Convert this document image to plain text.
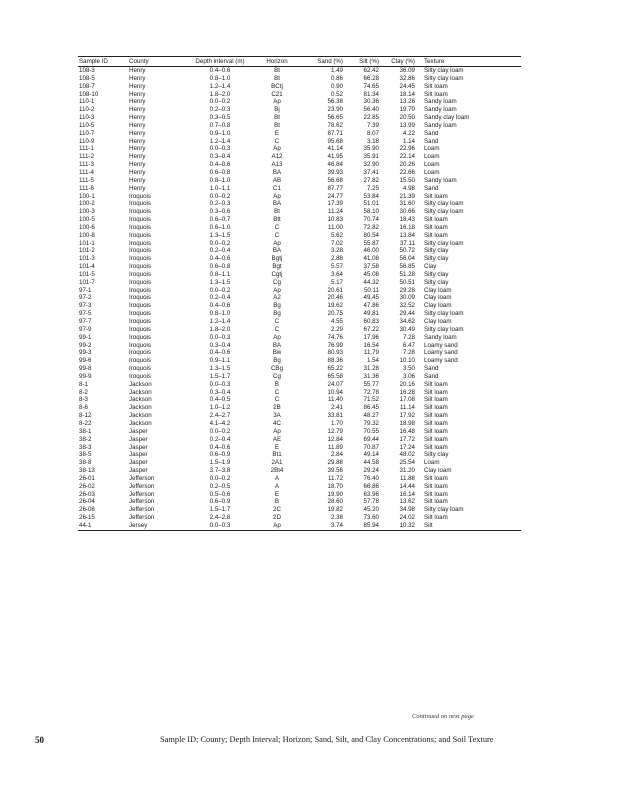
Sample ID	County	Depth interval (m)	Horizon	Sand (%)	Silt (%)	Clay (%)	Texture
108-3	Henry	0.4–0.6	Bt	1.49	62.42	36.09	Silty clay loam
108-5	Henry	0.8–1.0	Bt	0.86	66.28	32.86	Silty clay loam
108-7	Henry	1.2–1.4	BCtj	0.90	74.65	24.45	Silt loam
108-10	Henry	1.8–2.0	C21	0.52	81.34	18.14	Silt loam
110-1	Henry	0.0–0.2	Ap	56.38	30.36	13.26	Sandy loam
110-2	Henry	0.2–0.3	Bj	23.90	56.40	19.70	Sandy loam
110-3	Henry	0.3–0.5	Bt	56.65	22.85	20.50	Sandy clay loam
110-5	Henry	0.7–0.8	Bt	78.62	7.39	13.99	Sandy loam
110-7	Henry	0.9–1.0	E	87.71	8.07	4.22	Sand
110-9	Henry	1.2–1.4	C	95.68	3.18	1.14	Sand
111-1	Henry	0.0–0.3	Ap	41.14	35.90	22.96	Loam
111-2	Henry	0.3–0.4	A12	41.95	35.91	22.14	Loam
111-3	Henry	0.4–0.6	A13	46.84	32.90	20.26	Loam
111-4	Henry	0.6–0.8	BA	39.93	37.41	22.66	Loam
111-5	Henry	0.8–1.0	AB	56.68	27.82	15.50	Sandy loam
111-6	Henry	1.0–1.1	C1	87.77	7.25	4.98	Sand
100-1	Iroquois	0.0–0.2	Ap	24.77	53.84	21.39	Silt loam
100-2	Iroquois	0.2–0.3	BA	17.39	51.01	31.60	Silty clay loam
100-3	Iroquois	0.3–0.6	Bt	11.24	58.10	30.66	Silty clay loam
100-5	Iroquois	0.6–0.7	Btt	10.83	70.74	18.43	Silt loam
100-6	Iroquois	0.6–1.0	C	11.00	72.82	16.18	Silt loam
100-8	Iroquois	1.3–1.5	C	5.62	80.54	13.84	Silt loam
101-1	Iroquois	0.0–0.2	Ap	7.02	55.87	37.11	Silty clay loam
101-2	Iroquois	0.2–0.4	BA	3.28	46.00	50.72	Silty clay
101-3	Iroquois	0.4–0.6	Bgtj	2.88	41.08	56.04	Silty clay
101-4	Iroquois	0.6–0.8	Bgt	5.57	37.58	56.85	Clay
101-5	Iroquois	0.8–1.1	Cgtj	3.64	45.08	51.28	Silty clay
101-7	Iroquois	1.3–1.5	Cg	5.17	44.32	50.51	Silty clay
97-1	Iroquois	0.0–0.2	Ap	20.61	50.11	29.28	Clay loam
97-2	Iroquois	0.2–0.4	A2	20.46	49.45	30.09	Clay loam
97-3	Iroquois	0.4–0.6	Bg	19.62	47.86	32.52	Clay loam
97-5	Iroquois	0.8–1.0	Bg	20.75	49.81	29.44	Silty clay loam
97-7	Iroquois	1.2–1.4	C	4.55	60.83	34.62	Clay loam
97-9	Iroquois	1.8–2.0	C	2.29	67.22	30.49	Silty clay loam
99-1	Iroquois	0.0–0.3	Ap	74.76	17.96	7.28	Sandy loam
99-2	Iroquois	0.3–0.4	BA	76.99	16.54	6.47	Loamy sand
99-3	Iroquois	0.4–0.6	Bw	80.93	11.79	7.28	Loamy sand
99-6	Iroquois	0.9–1.1	Bg	88.36	1.54	10.10	Loamy sand
99-8	Iroquois	1.3–1.5	CBg	65.22	31.28	3.50	Sand
99-9	Iroquois	1.5–1.7	Cg	65.58	31.36	3.06	Sand
8-1	Jackson	0.0–0.3	B	24.07	55.77	20.16	Silt loam
8-2	Jackson	0.3–0.4	C	10.94	72.78	16.28	Silt loam
8-3	Jackson	0.4–0.5	C	11.40	71.52	17.08	Silt loam
8-6	Jackson	1.0–1.2	2B	2.41	86.45	11.14	Silt loam
8-12	Jackson	2.4–2.7	3A	33.81	48.27	17.92	Silt loam
8-22	Jackson	4.1–4.2	4C	1.70	79.32	18.98	Silt loam
38-1	Jasper	0.0–0.2	Ap	12.79	70.55	16.48	Silt loam
38-2	Jasper	0.2–0.4	AE	12.84	69.44	17.72	Silt loam
38-3	Jasper	0.4–0.6	E	11.89	70.87	17.24	Silt loam
38-5	Jasper	0.6–0.9	Bt1	2.84	49.14	48.02	Silty clay
38-8	Jasper	1.5–1.9	2A1	29.88	44.58	25.54	Loam
38-13	Jasper	3.7–3.8	2Bt4	39.56	29.24	31.20	Clay loam
26-01	Jefferson	0.0–0.2	A	11.72	76.40	11.88	Silt loam
26-02	Jefferson	0.2–0.5	A	18.70	66.86	14.44	Silt loam
26-03	Jefferson	0.5–0.6	E	19.90	63.96	16.14	Silt loam
26-04	Jefferson	0.6–0.9	B	28.60	57.78	13.62	Silt loam
26-08	Jefferson	1.5–1.7	2C	19.82	45.20	34.98	Silty clay loam
26-15	Jefferson	2.4–2.8	2D	2.38	73.60	24.02	Silt loam
44-1	Jersey	0.0–0.3	Ap	3.74	85.94	10.32	Silt
Continued on next page
50	Sample ID; County; Depth Interval; Horizon; Sand, Silt, and Clay Concentrations; and Soil Texture
